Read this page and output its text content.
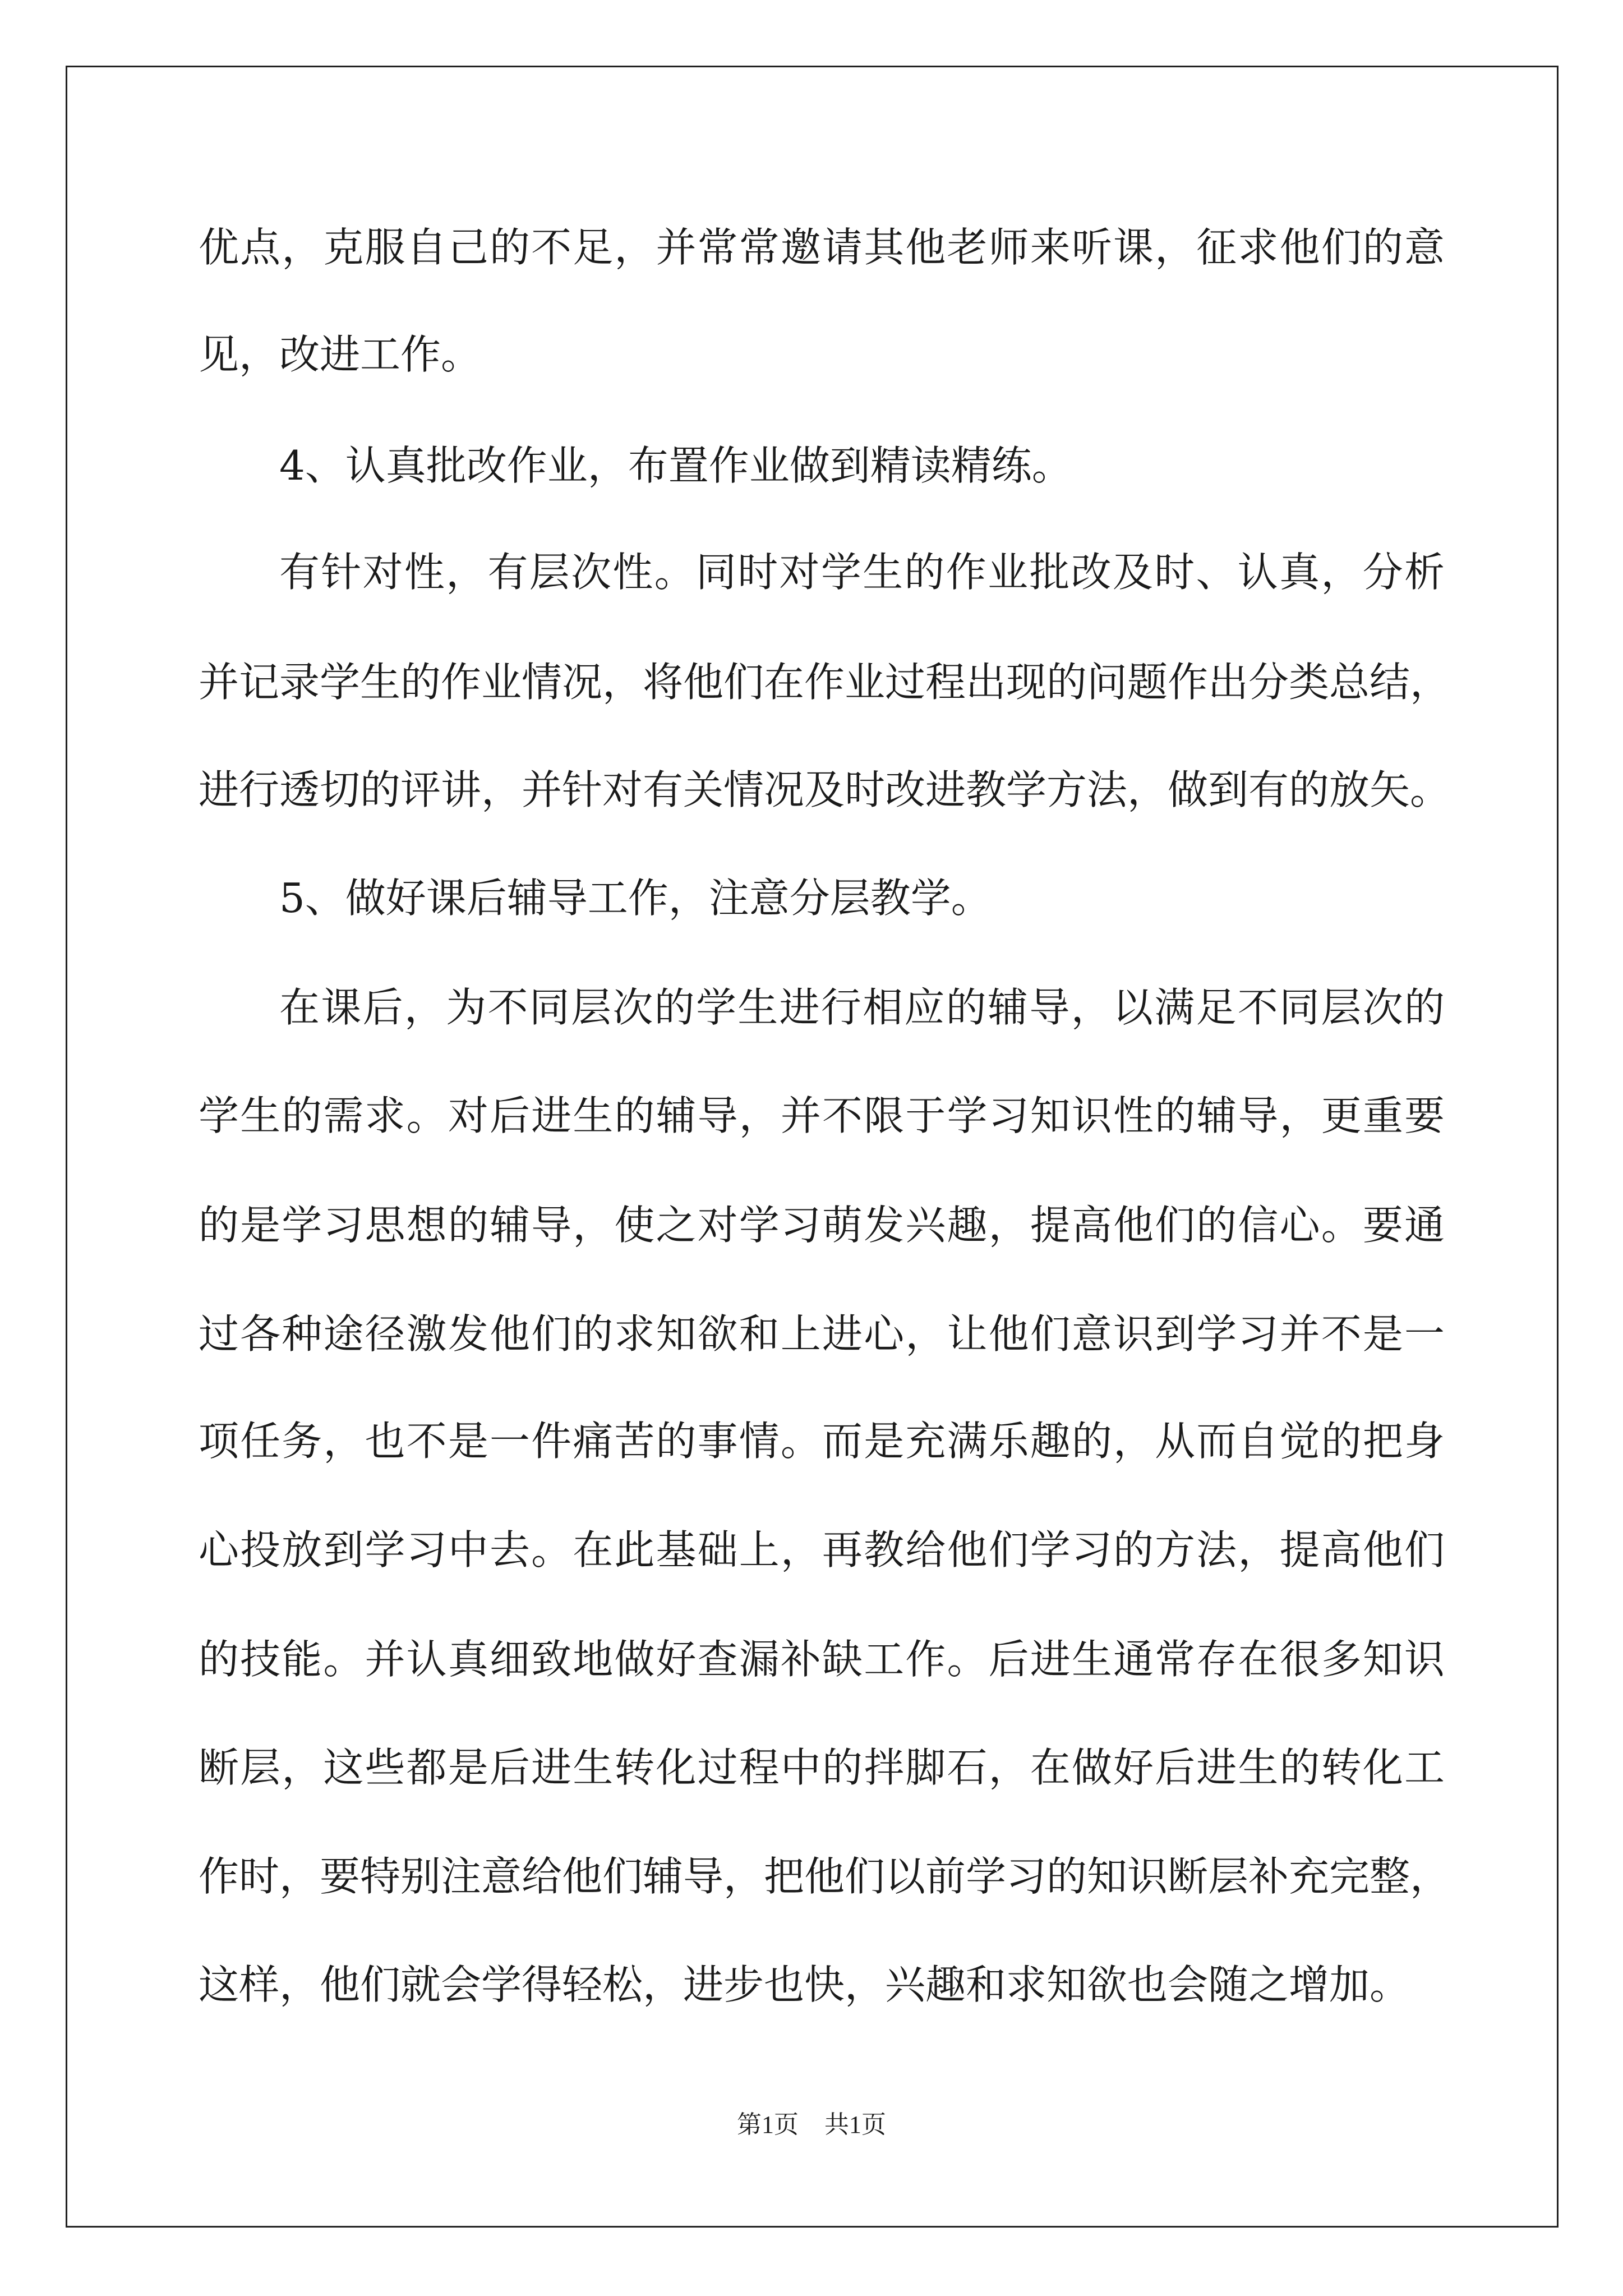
优点，克服自己的不足，并常常邀请其他老师来听课，征求他们的意
见，改进工作。
4、认真批改作业，布置作业做到精读精练。
有针对性，有层次性。同时对学生的作业批改及时、认真，分析
并记录学生的作业情况，将他们在作业过程出现的问题作出分类总结，
进行透切的评讲，并针对有关情况及时改进教学方法，做到有的放矢。
5、做好课后辅导工作，注意分层教学。
在课后，为不同层次的学生进行相应的辅导，以满足不同层次的
学生的需求。对后进生的辅导，并不限于学习知识性的辅导，更重要
的是学习思想的辅导，使之对学习萌发兴趣，提高他们的信心。要通
过各种途径激发他们的求知欲和上进心，让他们意识到学习并不是一
项任务，也不是一件痛苦的事情。而是充满乐趣的，从而自觉的把身
心投放到学习中去。在此基础上，再教给他们学习的方法，提高他们
的技能。并认真细致地做好查漏补缺工作。后进生通常存在很多知识
断层，这些都是后进生转化过程中的拌脚石，在做好后进生的转化工
作时，要特别注意给他们辅导，把他们以前学习的知识断层补充完整，
这样，他们就会学得轻松，进步也快，兴趣和求知欲也会随之增加。
第1页 共1页
